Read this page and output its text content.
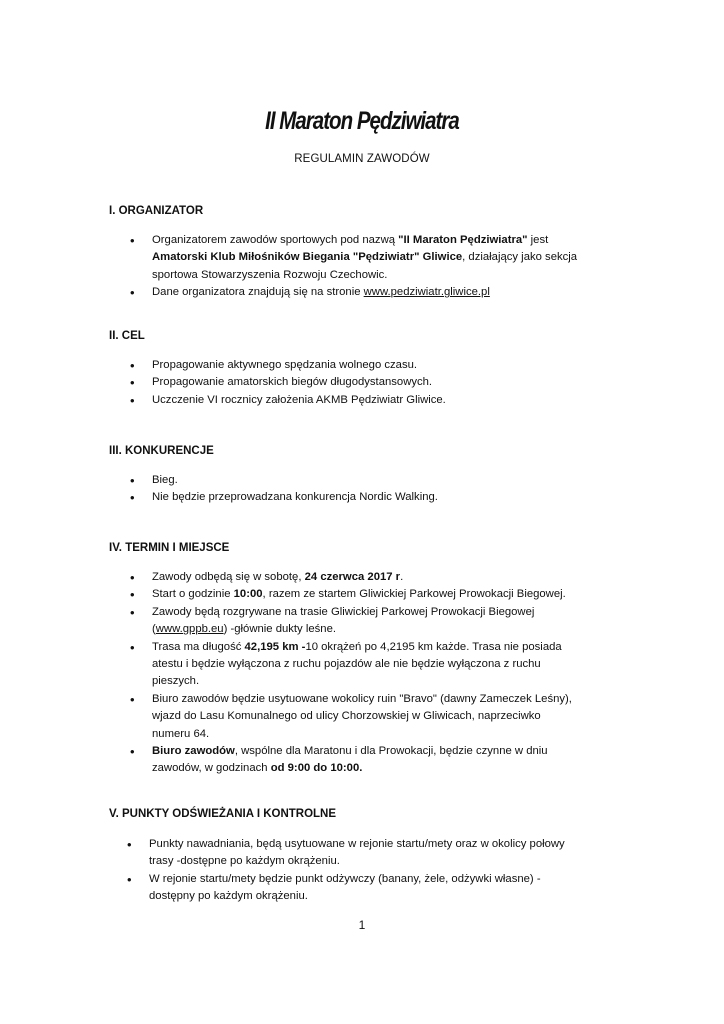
II Maraton Pędziwiatra
REGULAMIN ZAWODÓW
I. ORGANIZATOR
• Organizatorem zawodów sportowych pod nazwą "II Maraton Pędziwiatra" jest
Amatorski Klub Miłośników Biegania "Pędziwiatr" Gliwice, działający jako sekcja
sportowa Stowarzyszenia Rozwoju Czechowic.
• Dane organizatora znajdują się na stronie www.pedziwiatr.gliwice.pl
II. CEL
• Propagowanie aktywnego spędzania wolnego czasu.
• Propagowanie amatorskich biegów długodystansowych.
• Uczczenie VI rocznicy założenia AKMB Pędziwiatr Gliwice.
III. KONKURENCJE
• Bieg.
• Nie będzie przeprowadzana konkurencja Nordic Walking.
IV. TERMIN I MIEJSCE
• Zawody odbędą się w sobotę, 24 czerwca 2017 r.
• Start o godzinie 10:00, razem ze startem Gliwickiej Parkowej Prowokacji Biegowej.
• Zawody będą rozgrywane na trasie Gliwickiej Parkowej Prowokacji Biegowej
(www.gppb.eu) -głównie dukty leśne.
• Trasa ma długość 42,195 km -10 okrążeń po 4,2195 km każde. Trasa nie posiada
atestu i będzie wyłączona z ruchu pojazdów ale nie będzie wyłączona z ruchu
pieszych.
• Biuro zawodów będzie usytuowane wokolicy ruin "Bravo" (dawny Zameczek Leśny),
wjazd do Lasu Komunalnego od ulicy Chorzowskiej w Gliwicach, naprzeciwko
numeru 64.
• Biuro zawodów, wspólne dla Maratonu i dla Prowokacji, będzie czynne w dniu
zawodów, w godzinach od 9:00 do 10:00.
V. PUNKTY ODŚWIEŻANIA I KONTROLNE
• Punkty nawadniania, będą usytuowane w rejonie startu/mety oraz w okolicy połowy
trasy -dostępne po każdym okrążeniu.
• W rejonie startu/mety będzie punkt odżywczy (banany, żele, odżywki własne) -
dostępny po każdym okrążeniu.
1
